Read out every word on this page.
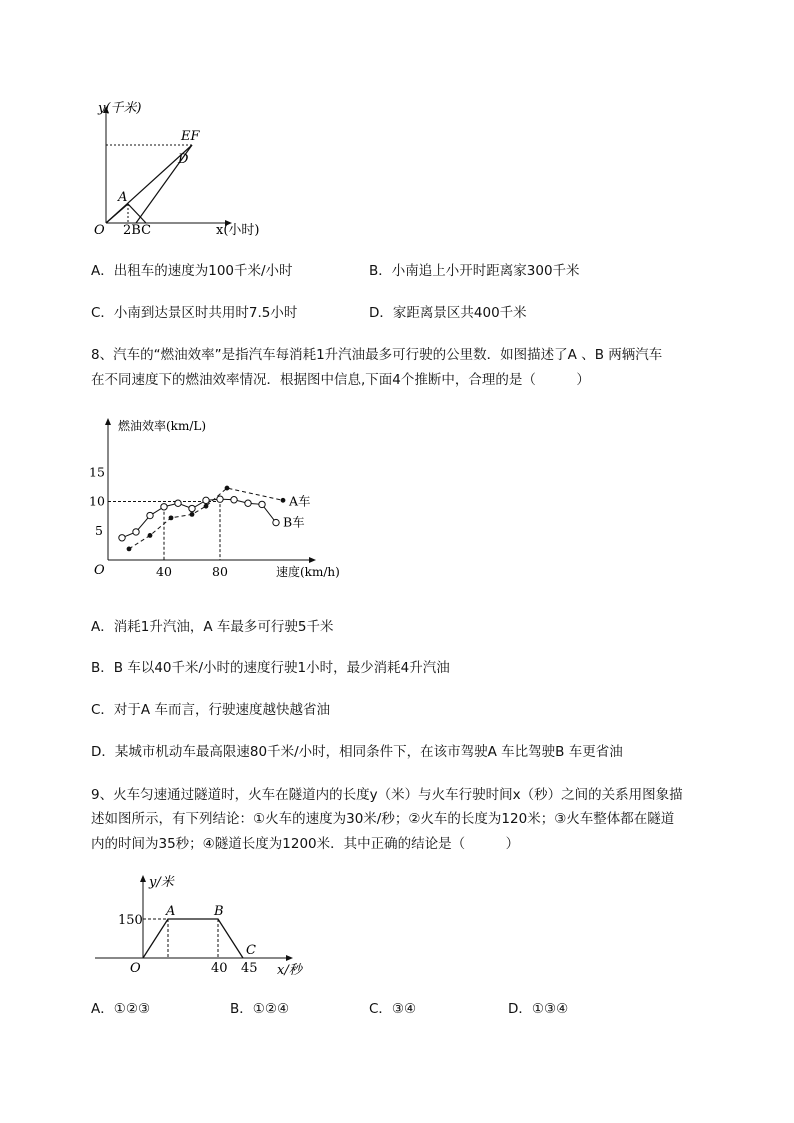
y(千米)
x(小时)
O
A
EF
D
2BC
A．出租车的速度为100千米/小时	B．小南追上小开时距离家300千米
C．小南到达景区时共用时7.5小时	D．家距离景区共400千米
8、汽车的“燃油效率”是指汽车每消耗1升汽油最多可行驶的公里数．如图描述了A 、B 两辆汽车
在不同速度下的燃油效率情况．根据图中信息,下面4个推断中，合理的是（　　　）
燃油效率(km/L)
速度(km/h)
O
5
10
15
40	80
A车
B车
A．消耗1升汽油，A 车最多可行驶5千米
B．B 车以40千米/小时的速度行驶1小时，最少消耗4升汽油
C．对于A 车而言，行驶速度越快越省油
D．某城市机动车最高限速80千米/小时，相同条件下，在该市驾驶A 车比驾驶B 车更省油
9、火车匀速通过隧道时，火车在隧道内的长度y（米）与火车行驶时间x（秒）之间的关系用图象描
述如图所示，有下列结论：①火车的速度为30米/秒；②火车的长度为120米；③火车整体都在隧道
内的时间为35秒；④隧道长度为1200米．其中正确的结论是（　　　）
y/米
150
O
A	B
C
40 45 x/秒
A．①②③	B．①②④	C．③④	D．①③④
